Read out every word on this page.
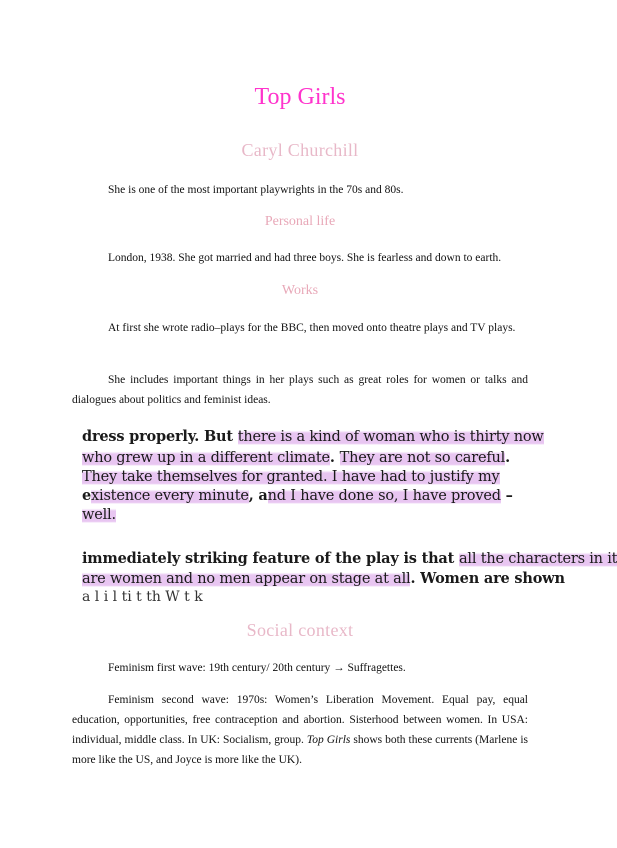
Top Girls
Caryl Churchill
She is one of the most important playwrights in the 70s and 80s.
Personal life
London, 1938. She got married and had three boys. She is fearless and down to earth.
Works
At first she wrote radio–plays for the BBC, then moved onto theatre plays and TV plays.
She includes important things in her plays such as great roles for women or talks and dialogues about politics and feminist ideas.
dress properly. But there is a kind of woman who is thirty now
who grew up in a different climate. They are not so careful.
They take themselves for granted. I have had to justify my
existence every minute, and I have done so, I have proved –
well.
immediately striking feature of the play is that all the characters in it
are women and no men appear on stage at all. Women are shown
a l i l ti t th W t k
Social context
Feminism first wave: 19th century/ 20th century → Suffragettes.
Feminism second wave: 1970s: Women’s Liberation Movement. Equal pay, equal education, opportunities, free contraception and abortion. Sisterhood between women. In USA: individual, middle class. In UK: Socialism, group. Top Girls shows both these currents (Marlene is more like the US, and Joyce is more like the UK).
